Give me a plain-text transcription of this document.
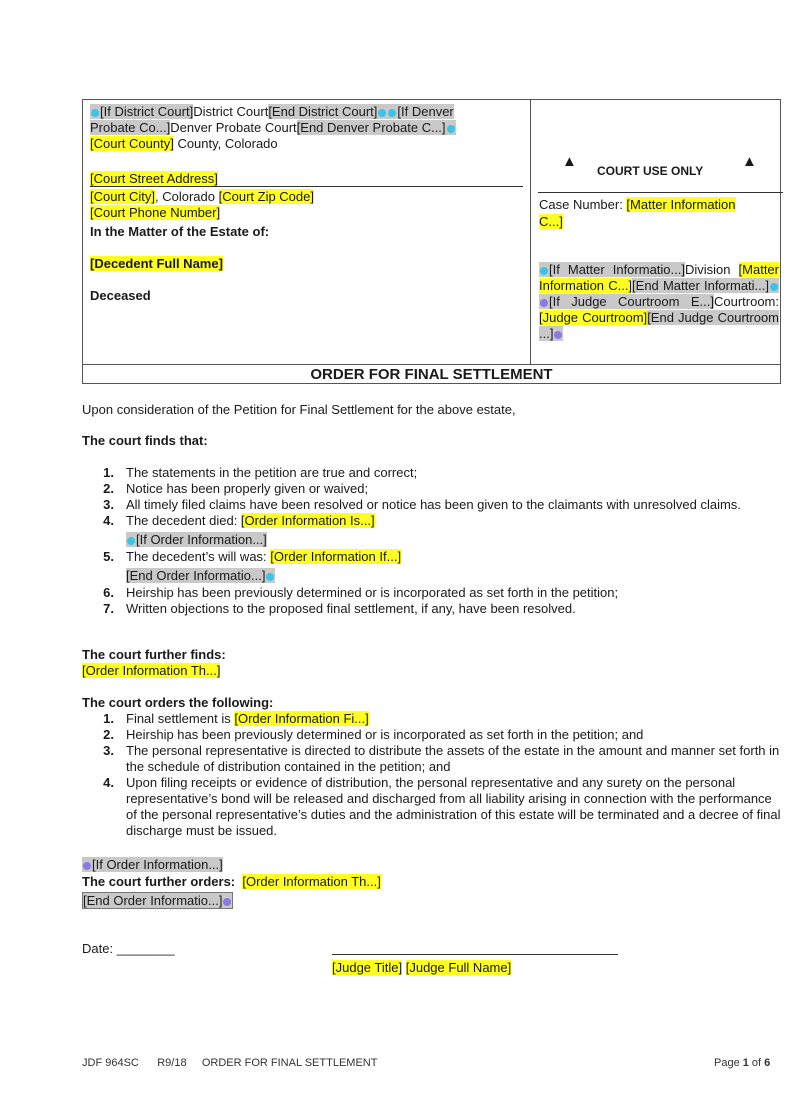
[If District Court]District Court[End District Court] [If Denver
Probate Co...]Denver Probate Court[End Denver Probate C...]
[Court County] County, Colorado
[Court Street Address]
[Court City], Colorado [Court Zip Code]
[Court Phone Number]
In the Matter of the Estate of:
[Decedent Full Name]
Deceased
▲
COURT USE ONLY
▲
Case Number: [Matter Information
C...]
[If Matter Informatio...]Division [Matter Information C...][End Matter Informati...] [If Judge Courtroom E...]Courtroom: [Judge Courtroom][End Judge Courtroom ...]
ORDER FOR FINAL SETTLEMENT
Upon consideration of the Petition for Final Settlement for the above estate,
The court finds that:
1. The statements in the petition are true and correct;
2. Notice has been properly given or waived;
3. All timely filed claims have been resolved or notice has been given to the claimants with unresolved claims.
4. The decedent died: [Order Information Is...]
[If Order Information...]
5. The decedent’s will was: [Order Information If...]
[End Order Informatio...]
6. Heirship has been previously determined or is incorporated as set forth in the petition;
7. Written objections to the proposed final settlement, if any, have been resolved.
The court further finds:
[Order Information Th...]
The court orders the following:
1. Final settlement is [Order Information Fi...]
2. Heirship has been previously determined or is incorporated as set forth in the petition; and
3. The personal representative is directed to distribute the assets of the estate in the amount and manner set forth in the schedule of distribution contained in the petition; and
4. Upon filing receipts or evidence of distribution, the personal representative and any surety on the personal representative’s bond will be released and discharged from all liability arising in connection with the performance of the personal representative’s duties and the administration of this estate will be terminated and a decree of final discharge must be issued.
[If Order Information...]
The court further orders: [Order Information Th...]
[End Order Informatio...]
Date: ________
[Judge Title] [Judge Full Name]
JDF 964SC R9/18 ORDER FOR FINAL SETTLEMENT	Page 1 of 6
